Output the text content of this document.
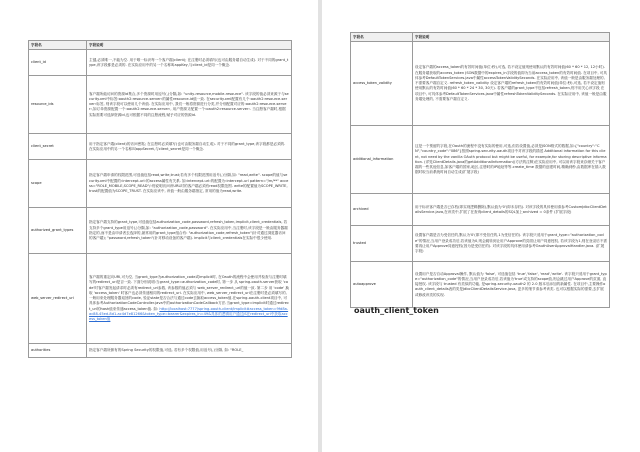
字段名	字段说明
client_id	主键,必须唯一,不能为空. 用于唯一标识每一个客户端(client); 在注册时必须填写(也可由服务端自动生成). 对于不同的grant_type,该字段都是必须的. 在实际应用中的另一个名称叫appKey,与client_id是同一个概念.
resource_ids	客户端所能访问的资源id集合,多个资源时用逗号(,)分隔,如: "unity-resource,mobile-resource". 该字段的值必须来源于与security.xml中标签‹oauth2:resource-server›的属性resource-id值一致. 在security.xml配置有几个‹oauth2:resource-server›标签, 则该字段可以使用几个该值. 在实际应用中, 我们一般将资源进行分类,并分别配置对应的‹oauth2:resource-server›,如订单资源配置一个‹oauth2:resource-server›, 用户资源又配置一个‹oauth2:resource-server›. 当注册客户端时,根据实际需要可选择资源id,也可根据不同的注册流程,赋予对应的资源id.
client_secret	用于指定客户端(client)的访问密匙; 在注册时必须填写(也可由服务端自动生成). 对于不同的grant_type,该字段都是必须的. 在实际应用中的另一个名称叫appSecret,与client_secret是同一个概念.
scope	指定客户端申请的权限范围,可选值包括read,write,trust;若有多个权限范围用逗号(,)分隔,如: "read,write". scope的值与security.xml中配置的‹intercept-url›的access属性有关系. 如‹intercept-url›的配置为‹intercept-url pattern="/m/**" access="ROLE_MOBILE,SCOPE_READ"/›则说明访问该URL时的客户端必须有read权限范围. write的配置值为SCOPE_WRITE, trust的配置值为SCOPE_TRUST. 在实际应该中, 该值一般由服务端指定, 常用的值为read,write.
authorized_grant_types	指定客户端支持的grant_type,可选值包括authorization_code,password,refresh_token,implicit,client_credentials, 若支持多个grant_type用逗号(,)分隔,如: "authorization_code,password". 在实际应用中,当注册时,该字段是一般由服务器端指定的,而不是由申请者去选择的,最常用的grant_type组合有: "authorization_code,refresh_token"(针对通过浏览器访问的客户端); "password,refresh_token"(针对移动设备的客户端). implicit与client_credentials在实际中很少使用.
web_server_redirect_uri	客户端的重定向URI,可为空, 当grant_type为authorization_code或implicit时, 在Oauth的流程中会使用并检查与注册时填写的redirect_uri是否一致. 下面分别说明:当grant_type=authorization_code时, 第一步 从 spring-oauth-server获取 'code'时客户端发起请求时必须有redirect_uri参数, 该参数的值必须与 web_server_redirect_uri的值一致. 第二步 用 'code' 换取 'access_token' 时客户也必须传递相同的redirect_uri. 在实际应用中, web_server_redirect_uri在注册时是必须填写的, 一般用来处理服务器返回的code, 验证state是否合法与通过code去换取access_token值.在spring-oauth-client项目中, 可具体参考AuthorizationCodeController.java中的authorizationCodeCallback方法.当grant_type=implicit时通过redirect_uri的hash值来传递access_token值. 如: http://localhost:7777/spring-oauth-client/implicit#access_token=9fd8a-ac88-45ed-8d1-ac4d7e81266&token_type=bearer&expires_in=49&具体的逻辑用户通过JS在redirect_uri中获取access_token值
authorities	指定客户端所拥有的Spring Security的权限值,可选, 若有多个权限值,用逗号(,)分隔, 如: "ROLE_
字段名	字段说明
access_token_validity	设定客户端的access_token的有效时间值(单位:秒),可选, 若不设定值则使用默认的有效时间值(60 * 60 * 12, 12小时). 在服务端获取的access_token JSON数据中的expires_in字段的值即为当前access_token的有效时间值. 在项目中, 可具体参考DefaultTokenServices.java中属性accessTokenValiditySeconds. 在实际应用中, 该值一般是由服务端处理的, 不需要客户端自定义. refresh_token_validity 设定客户端的refresh_token的有效时间值(单位:秒),可选, 若不设定值则使用默认的有效时间值(60 * 60 * 24 * 30, 30天). 若客户端的grant_type不包括refresh_token,则不用关心该字段 在项目中, 可具体参考DefaultTokenServices.java中属性refreshTokenValiditySeconds. 在实际应用中, 该值一般是由服务端处理的, 不需要客户端自定义.
additional_information	这是一个预留的字段,在Oauth的流程中没有实际的使用,可选,但若设置值,必须是JSON格式的数据,如:{"country":"CN","country_code":"086"}按照spring-security-oauth项目中对该字段的描述 Additional information for this client, not need by the vanilla OAuth protocol but might be useful, for example,for storing descriptive information. (详见ClientDetails.java的getAdditionalInformation()方法的注释)在实际应用中, 可以用该字段来存储关于客户端的一些其他信息,如客户端的国家,地区,注册时的IP地址等等.create_time 数据的创建时间,精确到秒,由数据库在插入数据时取当前系统时间自动生成(扩展字段)
archived	用于标识客户端是否已存档(即实现逻辑删除),默认值为'0'(即未存档). 对该字段的具体使用请参考CustomJdbcClientDetailsService.java,在该类中,扩展了在查询client_details的SQL加上archived = 0条件 (扩展字段)
trusted	设置客户端是否为受信任的,默认为'0'(即不受信任的,1为受信任的). 该字段只适用于grant_type="authorization_code"的情况,当用户登录成功后,若该值为0,则会跳转到让用户Approve的页面让用户同意授权, 若该字段为1,则在登录后不需要再让用户Approve同意授权(因为是受信任的). 对该字段的具体使用请参考OauthUserApprovalHandler.java. (扩展字段)
autoapprove	设置用户是否自动Approval操作, 默认值为 'false', 可选值包括 'true','false', 'read','write'. 该字段只适用于grant_type="authorization_code"的情况,当用户登录成功后,若该值为'true'或支持的scope值,则会跳过用户Approve的页面, 直接授权. 该字段与 trusted 有类似的功能, 是spring-security-oauth2 的 2.0 版本后添加的新属性. 在项目中,主要操作oauth_client_details表的类是JdbcClientDetailsService.java, 更多的细节请参考该类. 也可以根据实际的需要,去扩展或修改该类的实现.
oauth_client_token
